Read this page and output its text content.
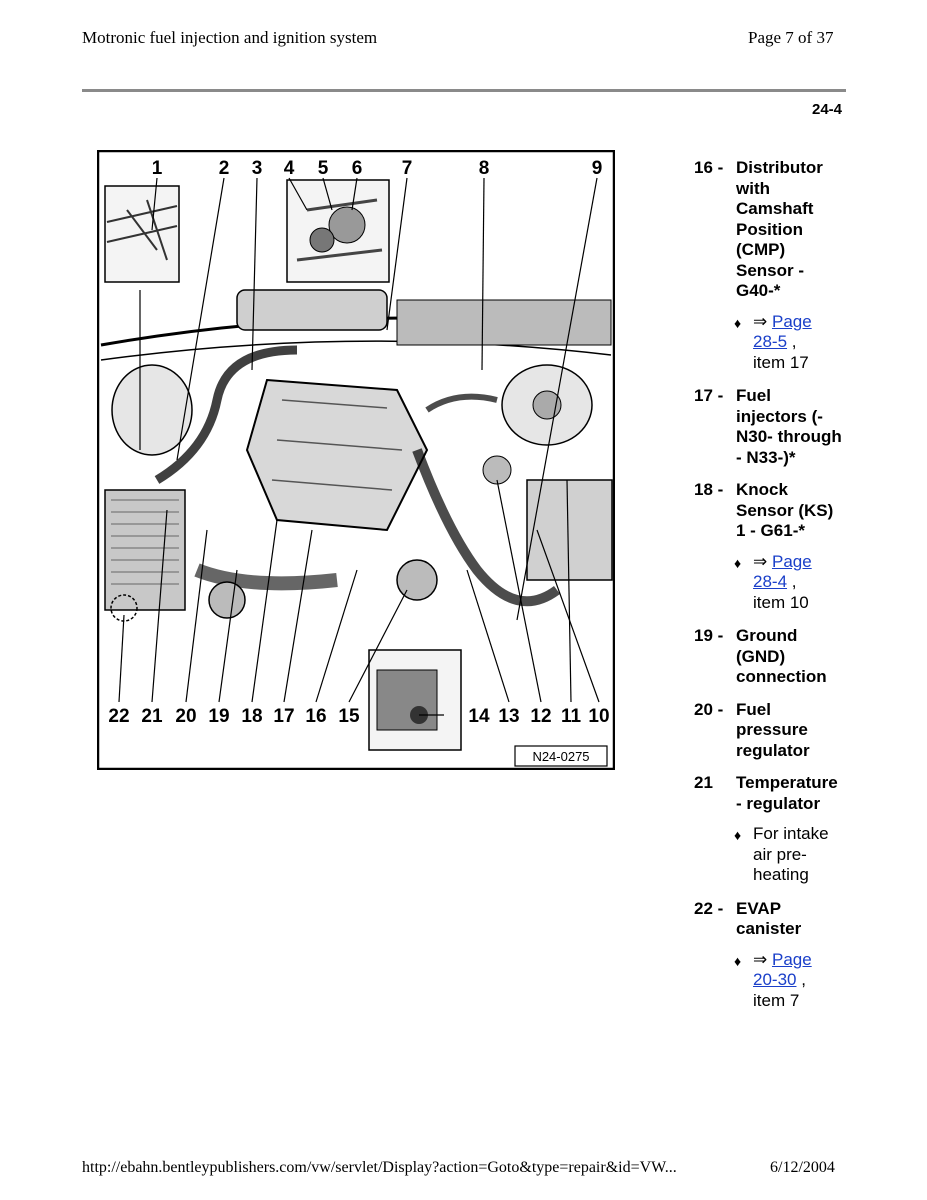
Motronic fuel injection and ignition system	Page 7 of 37
24-4
1	2 3 4 5 6 7	8	9
22 21 20 19 18 17 16 15	14 13 12 11 10
N24-0275
16 - Distributor with Camshaft Position (CMP) Sensor - G40-*
♦ ⇒ Page
28-5 ,
item 17
17 - Fuel injectors (- N30- through - N33-)*
18 - Knock Sensor (KS) 1 - G61-*
♦ ⇒ Page
28-4 ,
item 10
19 - Ground (GND) connection
20 - Fuel pressure regulator
21	Temperature - regulator
♦ For intake air pre-heating
22 - EVAP canister
♦ ⇒ Page
20-30 ,
item 7
http://ebahn.bentleypublishers.com/vw/servlet/Display?action=Goto&type=repair&id=VW...	6/12/2004
